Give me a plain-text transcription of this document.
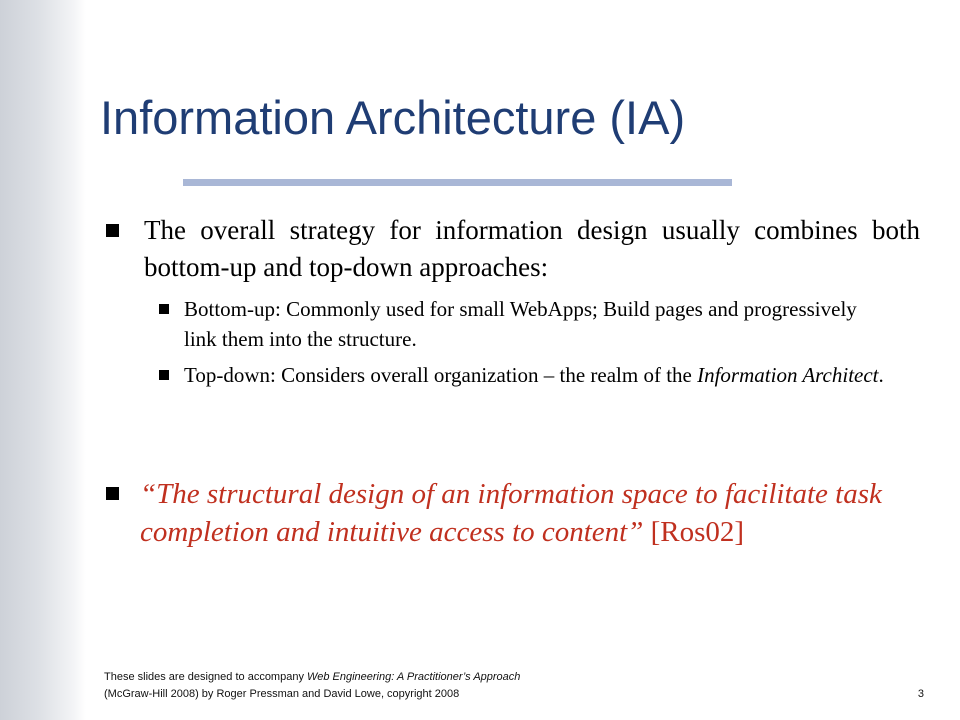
Information Architecture (IA)
The overall strategy for information design usually combines both bottom-up and top-down approaches:
Bottom-up: Commonly used for small WebApps; Build pages and progressively link them into the structure.
Top-down: Considers overall organization – the realm of the Information Architect.
“The structural design of an information space to facilitate task completion and intuitive access to content” [Ros02]
These slides are designed to accompany Web Engineering: A Practitioner’s Approach
(McGraw-Hill 2008) by Roger Pressman and David Lowe, copyright 2008	3
